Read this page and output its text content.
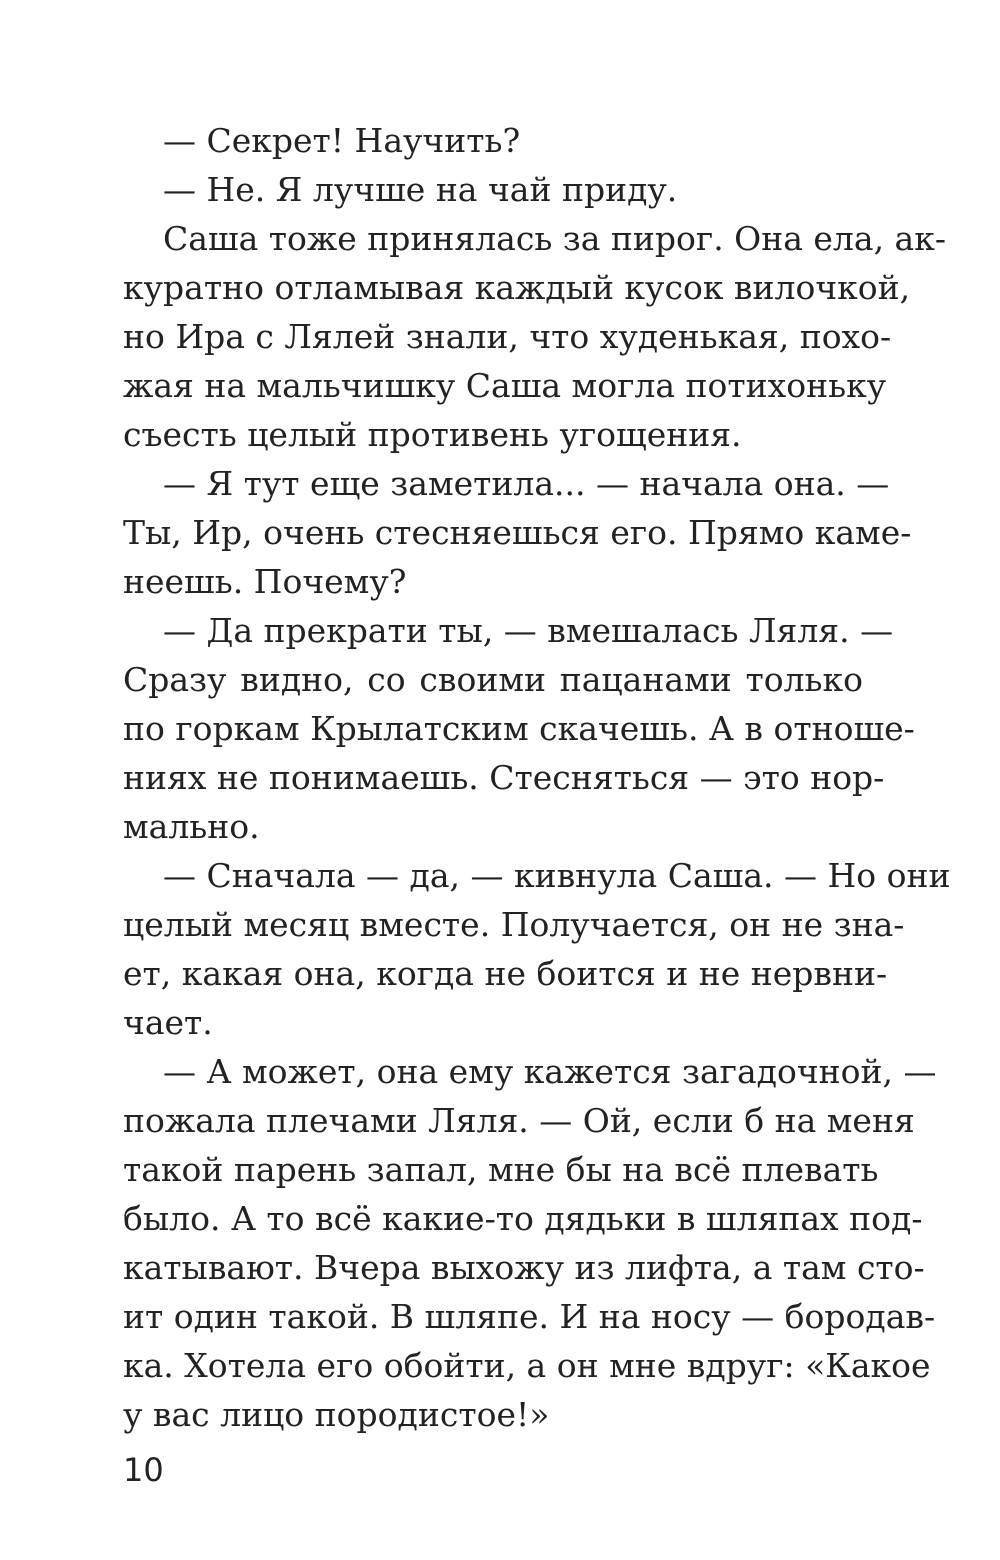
— Секрет! Научить?
— Не. Я лучше на чай приду.
Саша тоже принялась за пирог. Она ела, ак-
куратно отламывая каждый кусок вилочкой,
но Ира с Лялей знали, что худенькая, похо-
жая на мальчишку Саша могла потихоньку
съесть целый противень угощения.
— Я тут еще заметила... — начала она. —
Ты, Ир, очень стесняешься его. Прямо каме-
неешь. Почему?
— Да прекрати ты, — вмешалась Ляля. —
Сразу видно, со своими пацанами только
по горкам Крылатским скачешь. А в отноше-
ниях не понимаешь. Стесняться — это нор-
мально.
— Сначала — да, — кивнула Саша. — Но они
целый месяц вместе. Получается, он не зна-
ет, какая она, когда не боится и не нервни-
чает.
— А может, она ему кажется загадочной, —
пожала плечами Ляля. — Ой, если б на меня
такой парень запал, мне бы на всё плевать
было. А то всё какие-то дядьки в шляпах под-
катывают. Вчера выхожу из лифта, а там сто-
ит один такой. В шляпе. И на носу — бородав-
ка. Хотела его обойти, а он мне вдруг: «Какое
у вас лицо породистое!»
10
